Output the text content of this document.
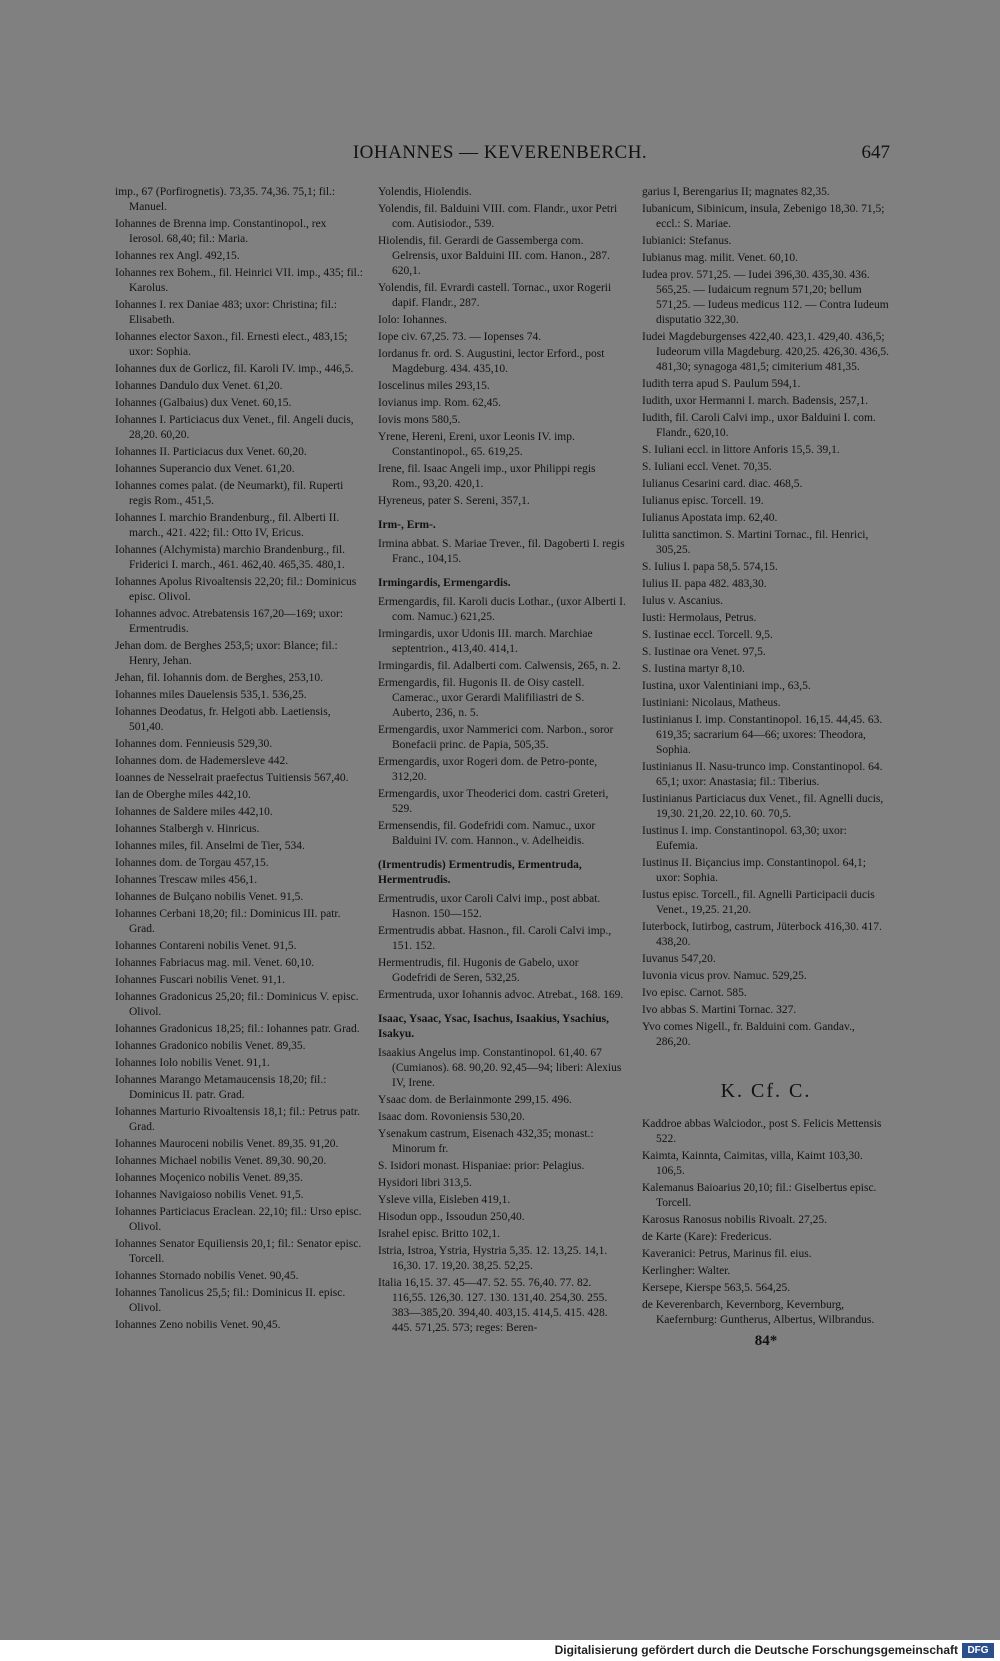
IOHANNES — KEVERENBERCH.	647
imp., 67 (Porfirognetis). 73,35. 74,36. 75,1; fil.: Manuel.
Iohannes de Brenna imp. Constantinopol., rex Ierosol. 68,40; fil.: Maria.
Iohannes rex Angl. 492,15.
Iohannes rex Bohem., fil. Heinrici VII. imp., 435; fil.: Karolus.
Iohannes I. rex Daniae 483; uxor: Christina; fil.: Elisabeth.
Iohannes elector Saxon., fil. Ernesti elect., 483,15; uxor: Sophia.
Iohannes dux de Gorlicz, fil. Karoli IV. imp., 446,5.
Iohannes Dandulo dux Venet. 61,20.
Iohannes (Galbaius) dux Venet. 60,15.
Iohannes I. Particiacus dux Venet., fil. Angeli ducis, 28,20. 60,20.
Iohannes II. Particiacus dux Venet. 60,20.
Iohannes Superancio dux Venet. 61,20.
Iohannes comes palat. (de Neumarkt), fil. Ruperti regis Rom., 451,5.
Iohannes I. marchio Brandenburg., fil. Alberti II. march., 421. 422; fil.: Otto IV, Ericus.
Iohannes (Alchymista) marchio Brandenburg., fil. Friderici I. march., 461. 462,40. 465,35. 480,1.
Iohannes Apolus Rivoaltensis 22,20; fil.: Dominicus episc. Olivol.
Iohannes advoc. Atrebatensis 167,20—169; uxor: Ermentrudis.
Jehan dom. de Berghes 253,5; uxor: Blance; fil.: Henry, Jehan.
Jehan, fil. Iohannis dom. de Berghes, 253,10.
Iohannes miles Dauelensis 535,1. 536,25.
Iohannes Deodatus, fr. Helgoti abb. Laetiensis, 501,40.
Iohannes dom. Fennieusis 529,30.
Iohannes dom. de Hademersleve 442.
Ioannes de Nesselrait praefectus Tuitiensis 567,40.
Ian de Oberghe miles 442,10.
Iohannes de Saldere miles 442,10.
Iohannes Stalbergh v. Hinricus.
Iohannes miles, fil. Anselmi de Tier, 534.
Iohannes dom. de Torgau 457,15.
Iohannes Trescaw miles 456,1.
Iohannes de Bulçano nobilis Venet. 91,5.
Iohannes Cerbani 18,20; fil.: Dominicus III. patr. Grad.
Iohannes Contareni nobilis Venet. 91,5.
Iohannes Fabriacus mag. mil. Venet. 60,10.
Iohannes Fuscari nobilis Venet. 91,1.
Iohannes Gradonicus 25,20; fil.: Dominicus V. episc. Olivol.
Iohannes Gradonicus 18,25; fil.: Iohannes patr. Grad.
Iohannes Gradonico nobilis Venet. 89,35.
Iohannes Iolo nobilis Venet. 91,1.
Iohannes Marango Metamaucensis 18,20; fil.: Dominicus II. patr. Grad.
Iohannes Marturio Rivoaltensis 18,1; fil.: Petrus patr. Grad.
Iohannes Mauroceni nobilis Venet. 89,35. 91,20.
Iohannes Michael nobilis Venet. 89,30. 90,20.
Iohannes Moçenico nobilis Venet. 89,35.
Iohannes Navigaioso nobilis Venet. 91,5.
Iohannes Particiacus Eraclean. 22,10; fil.: Urso episc. Olivol.
Iohannes Senator Equiliensis 20,1; fil.: Senator episc. Torcell.
Iohannes Stornado nobilis Venet. 90,45.
Iohannes Tanolicus 25,5; fil.: Dominicus II. episc. Olivol.
Iohannes Zeno nobilis Venet. 90,45.
Yolendis, Hiolendis.
Yolendis, fil. Balduini VIII. com. Flandr., uxor Petri com. Autisiodor., 539.
Hiolendis, fil. Gerardi de Gassemberga com. Gelrensis, uxor Balduini III. com. Hanon., 287. 620,1.
Yolendis, fil. Evrardi castell. Tornac., uxor Rogerii dapif. Flandr., 287.
Iolo: Iohannes.
Iope civ. 67,25. 73. — Iopenses 74.
Iordanus fr. ord. S. Augustini, lector Erford., post Magdeburg. 434. 435,10.
Ioscelinus miles 293,15.
Iovianus imp. Rom. 62,45.
Iovis mons 580,5.
Yrene, Hereni, Ereni, uxor Leonis IV. imp. Constantinopol., 65. 619,25.
Irene, fil. Isaac Angeli imp., uxor Philippi regis Rom., 93,20. 420,1.
Hyreneus, pater S. Sereni, 357,1.
Irm-, Erm-.
Irmina abbat. S. Mariae Trever., fil. Dagoberti I. regis Franc., 104,15.
Irmingardis, Ermengardis.
Ermengardis, fil. Karoli ducis Lothar., (uxor Alberti I. com. Namuc.) 621,25.
Irmingardis, uxor Udonis III. march. Marchiae septentrion., 413,40. 414,1.
Irmingardis, fil. Adalberti com. Calwensis, 265, n. 2.
Ermengardis, fil. Hugonis II. de Oisy castell. Camerac., uxor Gerardi Malifiliastri de S. Auberto, 236, n. 5.
Ermengardis, uxor Nammerici com. Narbon., soror Bonefacii princ. de Papia, 505,35.
Ermengardis, uxor Rogeri dom. de Petro-ponte, 312,20.
Ermengardis, uxor Theoderici dom. castri Greteri, 529.
Ermensendis, fil. Godefridi com. Namuc., uxor Balduini IV. com. Hannon., v. Adelheidis.
(Irmentrudis) Ermentrudis, Ermentruda, Hermentrudis.
Ermentrudis, uxor Caroli Calvi imp., post abbat. Hasnon. 150—152.
Ermentrudis abbat. Hasnon., fil. Caroli Calvi imp., 151. 152.
Hermentrudis, fil. Hugonis de Gabelo, uxor Godefridi de Seren, 532,25.
Ermentruda, uxor Iohannis advoc. Atrebat., 168. 169.
Isaac, Ysaac, Ysac, Isachus, Isaakius, Ysachius, Isakyu.
Isaakius Angelus imp. Constantinopol. 61,40. 67 (Cumianos). 68. 90,20. 92,45—94; liberi: Alexius IV, Irene.
Ysaac dom. de Berlainmonte 299,15. 496.
Isaac dom. Rovoniensis 530,20.
Ysenakum castrum, Eisenach 432,35; monast.: Minorum fr.
S. Isidori monast. Hispaniae: prior: Pelagius.
Hysidori libri 313,5.
Ysleve villa, Eisleben 419,1.
Hisodun opp., Issoudun 250,40.
Israhel episc. Britto 102,1.
Istria, Istroa, Ystria, Hystria 5,35. 12. 13,25. 14,1. 16,30. 17. 19,20. 38,25. 52,25.
Italia 16,15. 37. 45—47. 52. 55. 76,40. 77. 82. 116,55. 126,30. 127. 130. 131,40. 254,30. 255. 383—385,20. 394,40. 403,15. 414,5. 415. 428. 445. 571,25. 573; reges: Beren-
garius I, Berengarius II; magnates 82,35.
Iubanicum, Sibinicum, insula, Zebenigo 18,30. 71,5; eccl.: S. Mariae.
Iubianici: Stefanus.
Iubianus mag. milit. Venet. 60,10.
Iudea prov. 571,25. — Iudei 396,30. 435,30. 436. 565,25. — Iudaicum regnum 571,20; bellum 571,25. — Iudeus medicus 112. — Contra Iudeum disputatio 322,30.
Iudei Magdeburgenses 422,40. 423,1. 429,40. 436,5; Iudeorum villa Magdeburg. 420,25. 426,30. 436,5. 481,30; synagoga 481,5; cimiterium 481,35.
Iudith terra apud S. Paulum 594,1.
Iudith, uxor Hermanni I. march. Badensis, 257,1.
Iudith, fil. Caroli Calvi imp., uxor Balduini I. com. Flandr., 620,10.
S. Iuliani eccl. in littore Anforis 15,5. 39,1.
S. Iuliani eccl. Venet. 70,35.
Iulianus Cesarini card. diac. 468,5.
Iulianus episc. Torcell. 19.
Iulianus Apostata imp. 62,40.
Iulitta sanctimon. S. Martini Tornac., fil. Henrici, 305,25.
S. Iulius I. papa 58,5. 574,15.
Iulius II. papa 482. 483,30.
Iulus v. Ascanius.
Iusti: Hermolaus, Petrus.
S. Iustinae eccl. Torcell. 9,5.
S. Iustinae ora Venet. 97,5.
S. Iustina martyr 8,10.
Iustina, uxor Valentiniani imp., 63,5.
Iustiniani: Nicolaus, Matheus.
Iustinianus I. imp. Constantinopol. 16,15. 44,45. 63. 619,35; sacrarium 64—66; uxores: Theodora, Sophia.
Iustinianus II. Nasu-trunco imp. Constantinopol. 64. 65,1; uxor: Anastasia; fil.: Tiberius.
Iustinianus Particiacus dux Venet., fil. Agnelli ducis, 19,30. 21,20. 22,10. 60. 70,5.
Iustinus I. imp. Constantinopol. 63,30; uxor: Eufemia.
Iustinus II. Biçancius imp. Constantinopol. 64,1; uxor: Sophia.
Iustus episc. Torcell., fil. Agnelli Participacii ducis Venet., 19,25. 21,20.
Iuterbock, Iutirbog, castrum, Jüterbock 416,30. 417. 438,20.
Iuvanus 547,20.
Iuvonia vicus prov. Namuc. 529,25.
Ivo episc. Carnot. 585.
Ivo abbas S. Martini Tornac. 327.
Yvo comes Nigell., fr. Balduini com. Gandav., 286,20.
K. Cf. C.
Kaddroe abbas Walciodor., post S. Felicis Mettensis 522.
Kaimta, Kainnta, Caimitas, villa, Kaimt 103,30. 106,5.
Kalemanus Baioarius 20,10; fil.: Giselbertus episc. Torcell.
Karosus Ranosus nobilis Rivoalt. 27,25.
de Karte (Kare): Fredericus.
Kaveranici: Petrus, Marinus fil. eius.
Kerlingher: Walter.
Kersepe, Kierspe 563,5. 564,25.
de Keverenbarch, Kevernborg, Kevernburg, Kaefernburg: Guntherus, Albertus, Wilbrandus.
84*
Digitalisierung gefördert durch die Deutsche Forschungsgemeinschaft DFG
